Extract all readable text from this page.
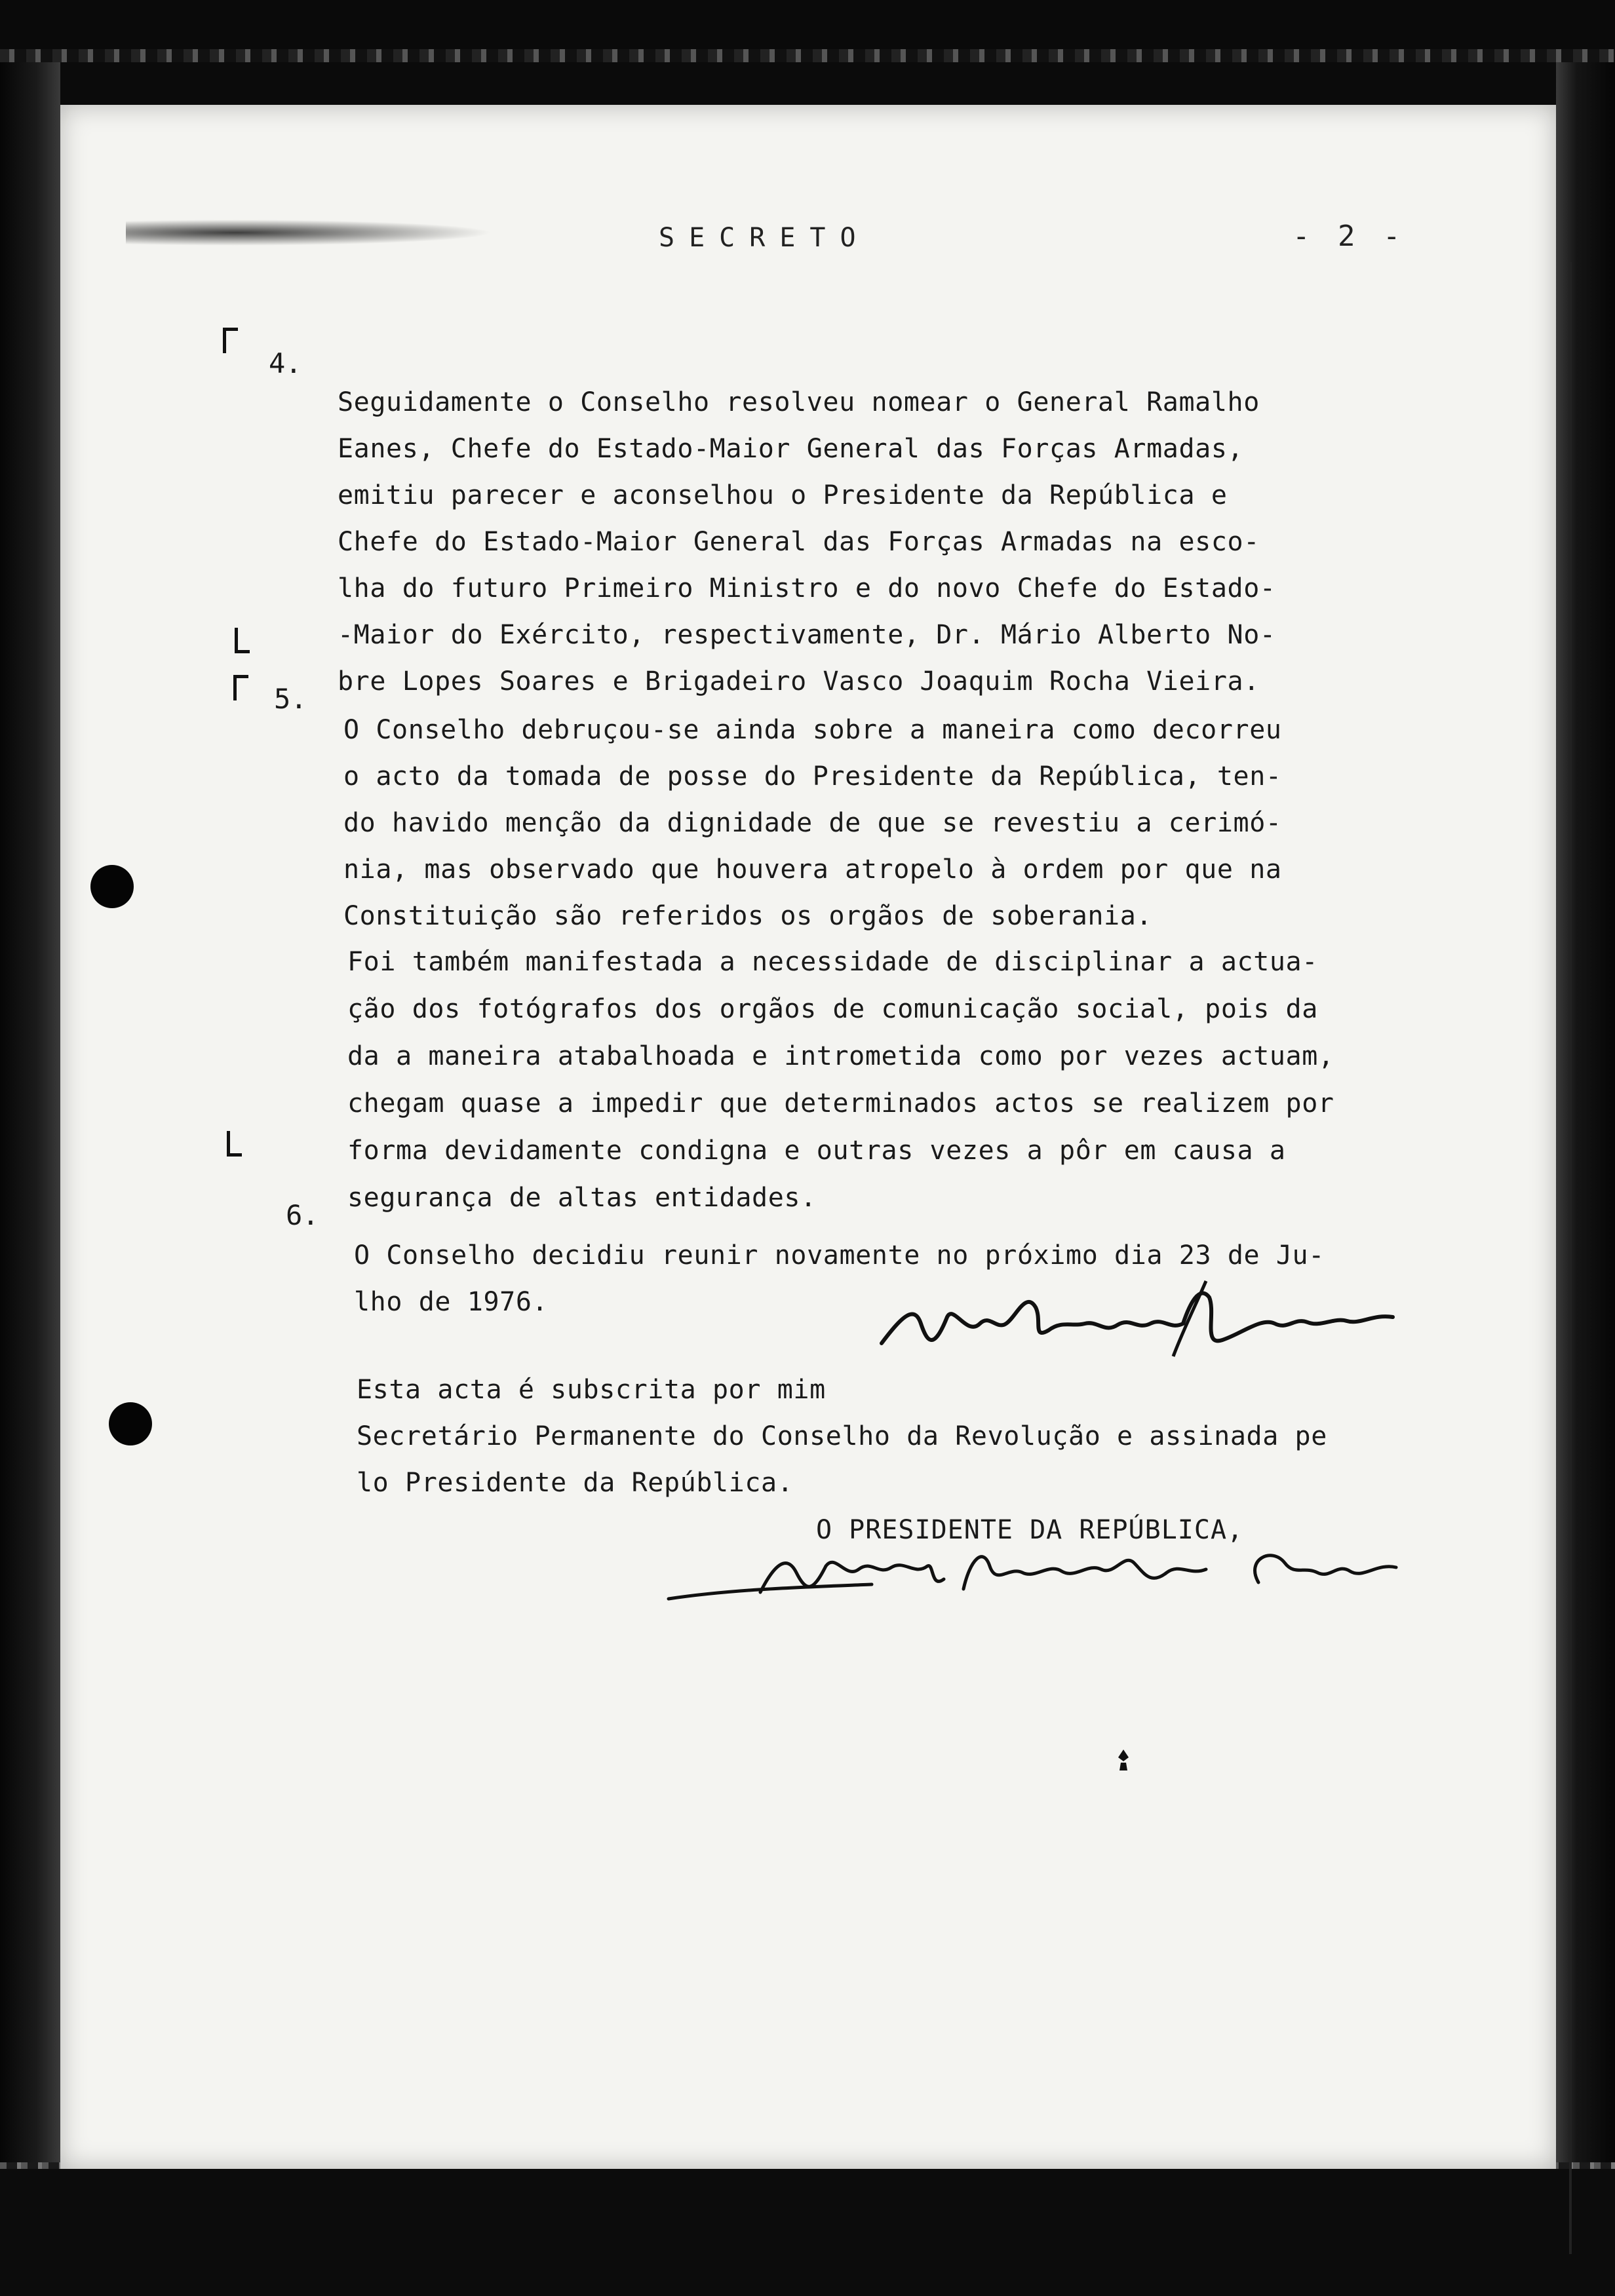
SECRETO	- 2 -
4.

Seguidamente o Conselho resolveu nomear o General Ramalho
Eanes, Chefe do Estado-Maior General das Forças Armadas,
emitiu parecer e aconselhou o Presidente da República e
Chefe do Estado-Maior General das Forças Armadas na esco-
lha do futuro Primeiro Ministro e do novo Chefe do Estado-
-Maior do Exército, respectivamente, Dr. Mário Alberto No-
bre Lopes Soares e Brigadeiro Vasco Joaquim Rocha Vieira.
5.

O Conselho debruçou-se ainda sobre a maneira como decorreu
o acto da tomada de posse do Presidente da República, ten-
do havido menção da dignidade de que se revestiu a cerimó-
nia, mas observado que houvera atropelo à ordem por que na
Constituição são referidos os orgãos de soberania.

Foi também manifestada a necessidade de disciplinar a actua-
ção dos fotógrafos dos orgãos de comunicação social, pois da
da a maneira atabalhoada e intrometida como por vezes actuam,
chegam quase a impedir que determinados actos se realizem por
forma devidamente condigna e outras vezes a pôr em causa a
segurança de altas entidades.
6.

O Conselho decidiu reunir novamente no próximo dia 23 de Ju-
lho de 1976.

Esta acta é subscrita por mim
Secretário Permanente do Conselho da Revolução e assinada pe
lo Presidente da República.
O PRESIDENTE DA REPÚBLICA,
